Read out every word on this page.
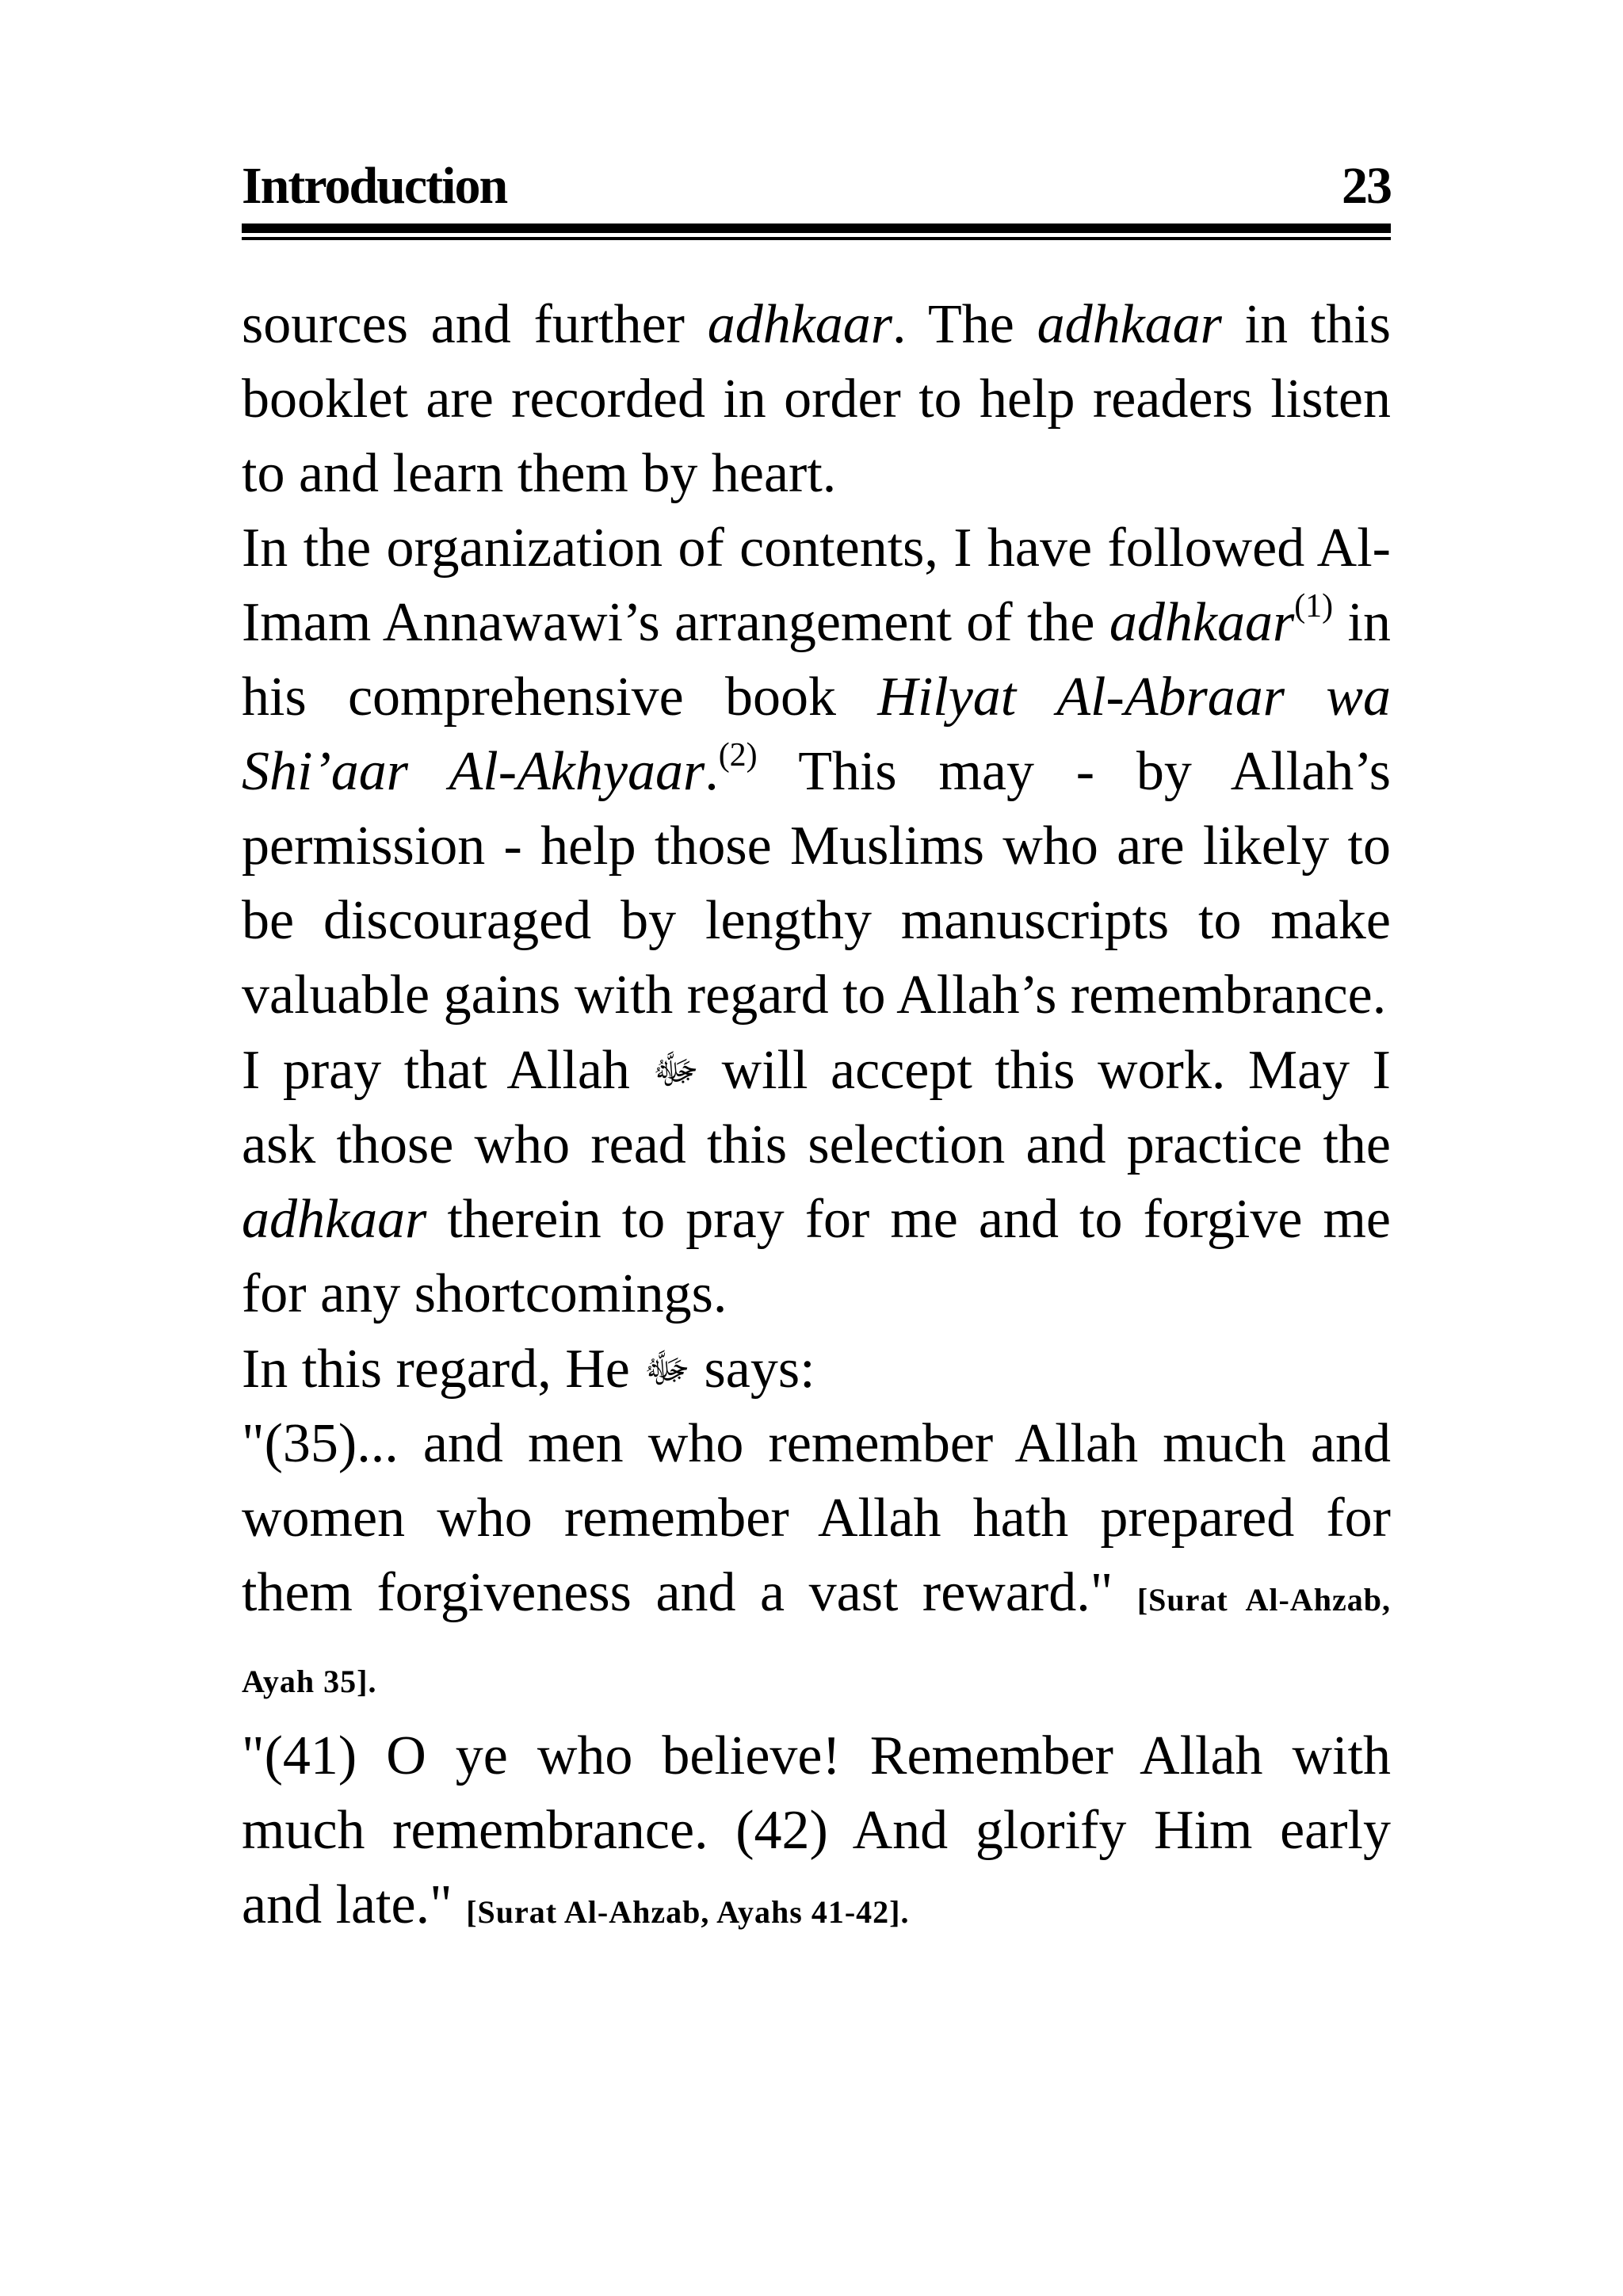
Introduction	23

sources and further adhkaar. The adhkaar in this booklet are recorded in order to help readers listen to and learn them by heart.

In the organization of contents, I have followed Al-Imam Annawawi’s arrangement of the adhkaar$^{(1)}$ in his comprehensive book Hilyat Al-Abraar wa Shi’aar Al-Akhyaar.$^{(2)}$ This may - by Allah’s permission - help those Muslims who are likely to be discouraged by lengthy manuscripts to make valuable gains with regard to Allah’s remembrance.

I pray that Allah ﷻ will accept this work. May I ask those who read this selection and practice the adhkaar therein to pray for me and to forgive me for any shortcomings.

In this regard, He ﷻ says:

"(35)... and men who remember Allah much and women who remember Allah hath prepared for them forgiveness and a vast reward." [Surat Al-Ahzab, Ayah 35].

"(41) O ye who believe! Remember Allah with much remembrance. (42) And glorify Him early and late." [Surat Al-Ahzab, Ayahs 41-42].
